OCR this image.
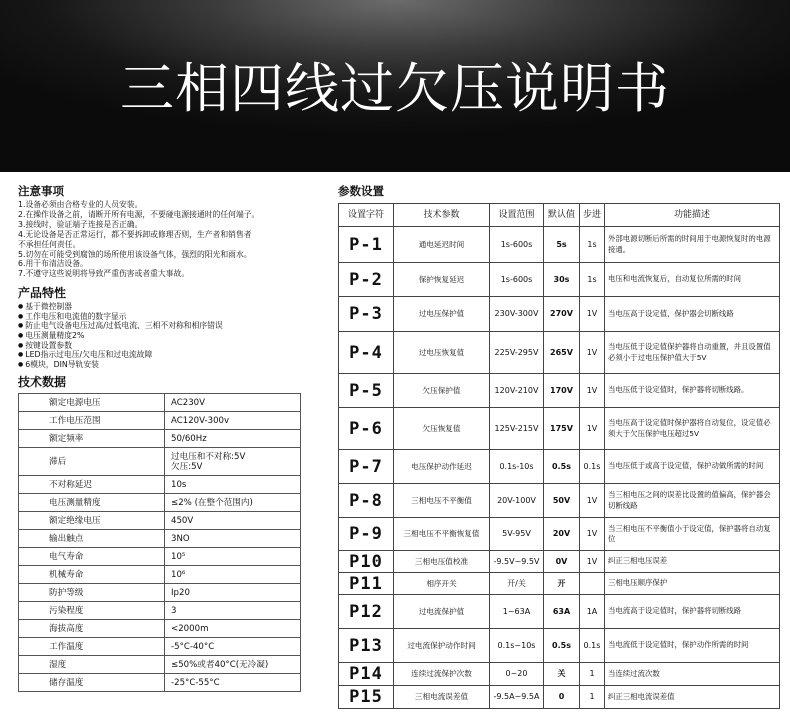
三相四线过欠压说明书
注意事项
1.设备必须由合格专业的人员安装。
2.在操作设备之前，请断开所有电源，不要碰电源接通时的任何端子。
3.接线时，验证端子连接是否正确。
4.无论设备是否正常运行，都不要拆卸或修理否则，生产者和销售者
不承担任何责任。
5.切勿在可能受到腐蚀的场所使用该设备气体，强烈的阳光和雨水。
6.用干布清洁设备。
7.不遵守这些说明将导致严重伤害或者重大事故。
产品特性
● 基于微控制器
● 工作电压和电流值的数字显示
● 防止电气设备电压过高/过低电流、三相不对称和相序错误
● 电压测量精度2%
● 按键设置参数
● LED指示过电压/欠电压和过电流故障
● 6模块，DIN导轨安装
技术数据
额定电源电压	AC230V
工作电压范围	AC120V-300v
额定频率	50/60Hz
滞后	过电压和不对称:5V
欠压:5V

不对称延迟	10s
电压测量精度	≤2% (在整个范围内)
额定绝缘电压	450V
输出触点	3NO
电气寿命	10⁵
机械寿命	10⁶
防护等级	Ip20
污染程度	3
海拔高度	<2000m
工作温度	-5°C-40°C
湿度	≤50%或者40°C(无冷凝)
储存温度	-25°C-55°C
参数设置
设置字符	技术参数	设置范围	默认值	步进	功能描述
P-1	通电延迟时间	1s-600s	5s	1s	外部电源切断后所需的时间用于电源恢复时的电源接通。
P-2	保护恢复延迟	1s-600s	30s	1s	电压和电流恢复后，自动复位所需的时间
P-3	过电压保护值	230V-300V	270V	1V	当电压高于设定值，保护器会切断线路
P-4	过电压恢复值	225V-295V	265V	1V	当电压低于设定值保护器将自动重置，并且设置值必须小于过电压保护值大于5V
P-5	欠压保护值	120V-210V	170V	1V	当电压低于设定值时，保护器将切断线路。
P-6	欠压恢复值	125V-215V	175V	1V	当电压高于设定值时保护器将自动复位，设定值必须大于欠压保护电压超过5V
P-7	电压保护动作延迟	0.1s-10s	0.5s	0.1s	当电压低于或高于设定值，保护动做所需的时间
P-8	三相电压不平衡值	20V-100V	50V	1V	当三相电压之间的误差比设置的值偏高，保护器会切断线路
P-9	三相电压不平衡恢复值	5V-95V	20V	1V	当三相电压不平衡值小于设定值，保护器将自动复位
P10	三相电压值校准	-9.5V~9.5V	0V	1V	纠正三相电压误差
P11	相序开关	开/关	开		三相电压顺序保护
P12	过电流保护值	1~63A	63A	1A	当电流高于设定值时，保护器将切断线路
P13	过电流保护动作时间	0.1s~10s	0.5s	0.1s	当电流低于设定值时，保护动作所需的时间
P14	连续过流保护次数	0~20	关	1	当连续过流次数
P15	三相电流误差值	-9.5A~9.5A	0	1	纠正三相电流误差值
